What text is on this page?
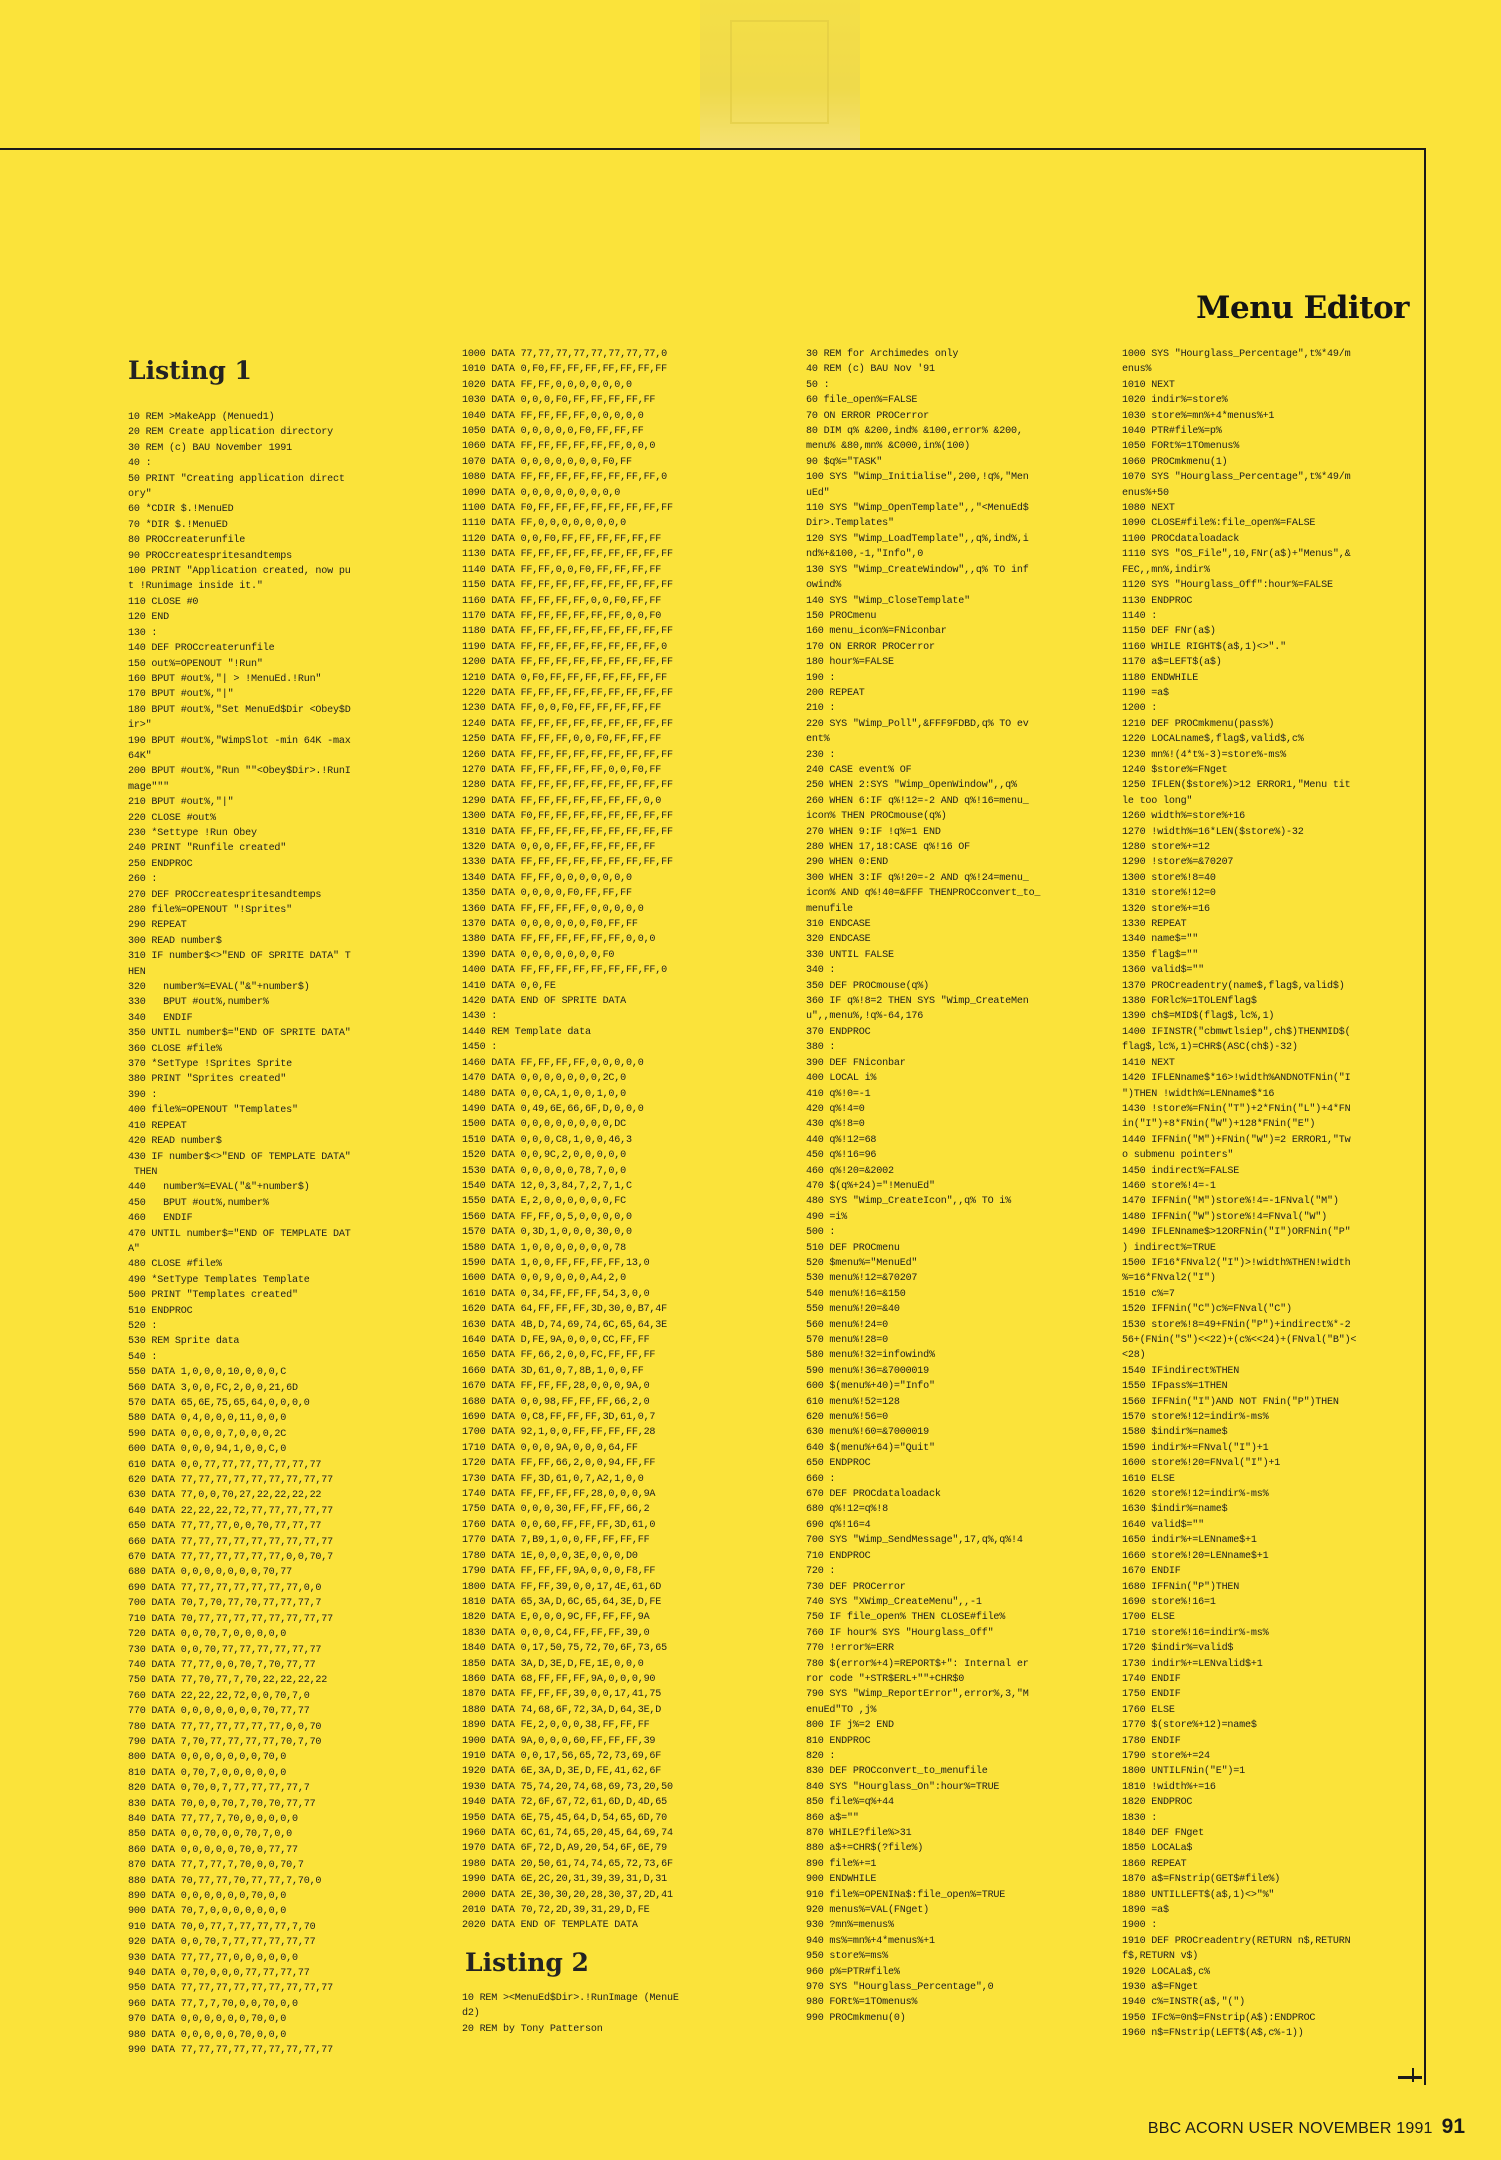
Menu Editor
Listing 1
10 REM >MakeApp (Menued1)
20 REM Create application directory
30 REM (c) BAU November 1991
40 :
50 PRINT "Creating application direct
ory"
60 *CDIR $.!MenuED
70 *DIR $.!MenuED
80 PROCcreaterunfile
90 PROCcreatespritesandtemps
100 PRINT "Application created, now pu
t !Runimage inside it."
110 CLOSE #0
120 END
130 :
140 DEF PROCcreaterunfile
150 out%=OPENOUT "!Run"
160 BPUT #out%,"| > !MenuEd.!Run"
170 BPUT #out%,"|"
180 BPUT #out%,"Set MenuEd$Dir <Obey$D
ir>"
190 BPUT #out%,"WimpSlot -min 64K -max
64K"
200 BPUT #out%,"Run ""<Obey$Dir>.!RunI
mage"""
210 BPUT #out%,"|"
220 CLOSE #out%
230 *Settype !Run Obey
240 PRINT "Runfile created"
250 ENDPROC
260 :
270 DEF PROCcreatespritesandtemps
280 file%=OPENOUT "!Sprites"
290 REPEAT
300 READ number$
310 IF number$<>"END OF SPRITE DATA" T
HEN
320   number%=EVAL("&"+number$)
330   BPUT #out%,number%
340   ENDIF
350 UNTIL number$="END OF SPRITE DATA"
360 CLOSE #file%
370 *SetType !Sprites Sprite
380 PRINT "Sprites created"
390 :
400 file%=OPENOUT "Templates"
410 REPEAT
420 READ number$
430 IF number$<>"END OF TEMPLATE DATA"
THEN
440   number%=EVAL("&"+number$)
450   BPUT #out%,number%
460   ENDIF
470 UNTIL number$="END OF TEMPLATE DAT
A"
480 CLOSE #file%
490 *SetType Templates Template
500 PRINT "Templates created"
510 ENDPROC
520 :
530 REM Sprite data
540 :
550 DATA 1,0,0,0,10,0,0,0,C
560 DATA 3,0,0,FC,2,0,0,21,6D
570 DATA 65,6E,75,65,64,0,0,0,0
580 DATA 0,4,0,0,0,11,0,0,0
590 DATA 0,0,0,0,7,0,0,0,2C
600 DATA 0,0,0,94,1,0,0,C,0
610 DATA 0,0,77,77,77,77,77,77,77
620 DATA 77,77,77,77,77,77,77,77,77
630 DATA 77,0,0,70,27,22,22,22,22
640 DATA 22,22,22,72,77,77,77,77,77
650 DATA 77,77,77,0,0,70,77,77,77
660 DATA 77,77,77,77,77,77,77,77,77
670 DATA 77,77,77,77,77,77,0,0,70,7
680 DATA 0,0,0,0,0,0,0,70,77
690 DATA 77,77,77,77,77,77,77,0,0
700 DATA 70,7,70,77,70,77,77,77,7
710 DATA 70,77,77,77,77,77,77,77,77
720 DATA 0,0,70,7,0,0,0,0,0
730 DATA 0,0,70,77,77,77,77,77,77
740 DATA 77,77,0,0,70,7,70,77,77
750 DATA 77,70,77,7,70,22,22,22,22
760 DATA 22,22,22,72,0,0,70,7,0
770 DATA 0,0,0,0,0,0,0,70,77,77
780 DATA 77,77,77,77,77,77,0,0,70
790 DATA 7,70,77,77,77,77,70,7,70
800 DATA 0,0,0,0,0,0,0,70,0
810 DATA 0,70,7,0,0,0,0,0,0
820 DATA 0,70,0,7,77,77,77,77,7
830 DATA 70,0,0,70,7,70,70,77,77
840 DATA 77,77,7,70,0,0,0,0,0
850 DATA 0,0,70,0,0,70,7,0,0
860 DATA 0,0,0,0,0,70,0,77,77
870 DATA 77,7,77,7,70,0,0,70,7
880 DATA 70,77,77,70,77,77,7,70,0
890 DATA 0,0,0,0,0,0,70,0,0
900 DATA 70,7,0,0,0,0,0,0,0
910 DATA 70,0,77,7,77,77,77,7,70
920 DATA 0,0,70,7,77,77,77,77,77
930 DATA 77,77,77,0,0,0,0,0,0
940 DATA 0,70,0,0,0,77,77,77,77
950 DATA 77,77,77,77,77,77,77,77,77
960 DATA 77,7,7,70,0,0,70,0,0
970 DATA 0,0,0,0,0,0,70,0,0
980 DATA 0,0,0,0,0,70,0,0,0
990 DATA 77,77,77,77,77,77,77,77,77
1000 DATA 77,77,77,77,77,77,77,77,0
1010 DATA 0,F0,FF,FF,FF,FF,FF,FF,FF
1020 DATA FF,FF,0,0,0,0,0,0,0
1030 DATA 0,0,0,F0,FF,FF,FF,FF,FF
1040 DATA FF,FF,FF,FF,0,0,0,0,0
1050 DATA 0,0,0,0,0,F0,FF,FF,FF
1060 DATA FF,FF,FF,FF,FF,FF,0,0,0
1070 DATA 0,0,0,0,0,0,0,F0,FF
1080 DATA FF,FF,FF,FF,FF,FF,FF,FF,0
1090 DATA 0,0,0,0,0,0,0,0,0
1100 DATA F0,FF,FF,FF,FF,FF,FF,FF,FF
1110 DATA FF,0,0,0,0,0,0,0,0
1120 DATA 0,0,F0,FF,FF,FF,FF,FF,FF
1130 DATA FF,FF,FF,FF,FF,FF,FF,FF,FF
1140 DATA FF,FF,0,0,F0,FF,FF,FF,FF
1150 DATA FF,FF,FF,FF,FF,FF,FF,FF,FF
1160 DATA FF,FF,FF,FF,0,0,F0,FF,FF
1170 DATA FF,FF,FF,FF,FF,FF,0,0,F0
1180 DATA FF,FF,FF,FF,FF,FF,FF,FF,FF
1190 DATA FF,FF,FF,FF,FF,FF,FF,FF,0
1200 DATA FF,FF,FF,FF,FF,FF,FF,FF,FF
1210 DATA 0,F0,FF,FF,FF,FF,FF,FF,FF
1220 DATA FF,FF,FF,FF,FF,FF,FF,FF,FF
1230 DATA FF,0,0,F0,FF,FF,FF,FF,FF
1240 DATA FF,FF,FF,FF,FF,FF,FF,FF,FF
1250 DATA FF,FF,FF,0,0,F0,FF,FF,FF
1260 DATA FF,FF,FF,FF,FF,FF,FF,FF,FF
1270 DATA FF,FF,FF,FF,FF,0,0,F0,FF
1280 DATA FF,FF,FF,FF,FF,FF,FF,FF,FF
1290 DATA FF,FF,FF,FF,FF,FF,FF,0,0
1300 DATA F0,FF,FF,FF,FF,FF,FF,FF,FF
1310 DATA FF,FF,FF,FF,FF,FF,FF,FF,FF
1320 DATA 0,0,0,FF,FF,FF,FF,FF,FF
1330 DATA FF,FF,FF,FF,FF,FF,FF,FF,FF
1340 DATA FF,FF,0,0,0,0,0,0,0
1350 DATA 0,0,0,0,F0,FF,FF,FF
1360 DATA FF,FF,FF,FF,0,0,0,0,0
1370 DATA 0,0,0,0,0,0,F0,FF,FF
1380 DATA FF,FF,FF,FF,FF,FF,0,0,0
1390 DATA 0,0,0,0,0,0,0,F0
1400 DATA FF,FF,FF,FF,FF,FF,FF,FF,0
1410 DATA 0,0,FE
1420 DATA END OF SPRITE DATA
1430 :
1440 REM Template data
1450 :
1460 DATA FF,FF,FF,FF,0,0,0,0,0
1470 DATA 0,0,0,0,0,0,0,2C,0
1480 DATA 0,0,CA,1,0,0,1,0,0
1490 DATA 0,49,6E,66,6F,D,0,0,0
1500 DATA 0,0,0,0,0,0,0,0,DC
1510 DATA 0,0,0,C8,1,0,0,46,3
1520 DATA 0,0,9C,2,0,0,0,0,0
1530 DATA 0,0,0,0,0,78,7,0,0
1540 DATA 12,0,3,84,7,2,7,1,C
1550 DATA E,2,0,0,0,0,0,0,FC
1560 DATA FF,FF,0,5,0,0,0,0,0
1570 DATA 0,3D,1,0,0,0,30,0,0
1580 DATA 1,0,0,0,0,0,0,0,78
1590 DATA 1,0,0,FF,FF,FF,FF,13,0
1600 DATA 0,0,9,0,0,0,A4,2,0
1610 DATA 0,34,FF,FF,FF,54,3,0,0
1620 DATA 64,FF,FF,FF,3D,30,0,B7,4F
1630 DATA 4B,D,74,69,74,6C,65,64,3E
1640 DATA D,FE,9A,0,0,0,CC,FF,FF
1650 DATA FF,66,2,0,0,FC,FF,FF,FF
1660 DATA 3D,61,0,7,8B,1,0,0,FF
1670 DATA FF,FF,FF,28,0,0,0,9A,0
1680 DATA 0,0,98,FF,FF,FF,66,2,0
1690 DATA 0,C8,FF,FF,FF,3D,61,0,7
1700 DATA 92,1,0,0,FF,FF,FF,FF,28
1710 DATA 0,0,0,9A,0,0,0,64,FF
1720 DATA FF,FF,66,2,0,0,94,FF,FF
1730 DATA FF,3D,61,0,7,A2,1,0,0
1740 DATA FF,FF,FF,FF,28,0,0,0,9A
1750 DATA 0,0,0,30,FF,FF,FF,66,2
1760 DATA 0,0,60,FF,FF,FF,3D,61,0
1770 DATA 7,B9,1,0,0,FF,FF,FF,FF
1780 DATA 1E,0,0,0,3E,0,0,0,D0
1790 DATA FF,FF,FF,9A,0,0,0,F8,FF
1800 DATA FF,FF,39,0,0,17,4E,61,6D
1810 DATA 65,3A,D,6C,65,64,3E,D,FE
1820 DATA E,0,0,0,9C,FF,FF,FF,9A
1830 DATA 0,0,0,C4,FF,FF,FF,39,0
1840 DATA 0,17,50,75,72,70,6F,73,65
1850 DATA 3A,D,3E,D,FE,1E,0,0,0
1860 DATA 68,FF,FF,FF,9A,0,0,0,90
1870 DATA FF,FF,FF,39,0,0,17,41,75
1880 DATA 74,68,6F,72,3A,D,64,3E,D
1890 DATA FE,2,0,0,0,38,FF,FF,FF
1900 DATA 9A,0,0,0,60,FF,FF,FF,39
1910 DATA 0,0,17,56,65,72,73,69,6F
1920 DATA 6E,3A,D,3E,D,FE,41,62,6F
1930 DATA 75,74,20,74,68,69,73,20,50
1940 DATA 72,6F,67,72,61,6D,D,4D,65
1950 DATA 6E,75,45,64,D,54,65,6D,70
1960 DATA 6C,61,74,65,20,45,64,69,74
1970 DATA 6F,72,D,A9,20,54,6F,6E,79
1980 DATA 20,50,61,74,74,65,72,73,6F
1990 DATA 6E,2C,20,31,39,39,31,D,31
2000 DATA 2E,30,30,20,28,30,37,2D,41
2010 DATA 70,72,2D,39,31,29,D,FE
2020 DATA END OF TEMPLATE DATA
Listing 2
10 REM ><MenuEd$Dir>.!RunImage (MenuE
d2)
20 REM by Tony Patterson
30 REM for Archimedes only
40 REM (c) BAU Nov '91
50 :
60 file_open%=FALSE
70 ON ERROR PROCerror
80 DIM q% &200,ind% &100,error% &200,
menu% &80,mn% &C000,in%(100)
90 $q%="TASK"
100 SYS "Wimp_Initialise",200,!q%,"Men
uEd"
110 SYS "Wimp_OpenTemplate",,"<MenuEd$
Dir>.Templates"
120 SYS "Wimp_LoadTemplate",,q%,ind%,i
nd%+&100,-1,"Info",0
130 SYS "Wimp_CreateWindow",,q% TO inf
owind%
140 SYS "Wimp_CloseTemplate"
150 PROCmenu
160 menu_icon%=FNiconbar
170 ON ERROR PROCerror
180 hour%=FALSE
190 :
200 REPEAT
210 :
220 SYS "Wimp_Poll",&FFF9FDBD,q% TO ev
ent%
230 :
240 CASE event% OF
250 WHEN 2:SYS "Wimp_OpenWindow",,q%
260 WHEN 6:IF q%!12=-2 AND q%!16=menu_
icon% THEN PROCmouse(q%)
270 WHEN 9:IF !q%=1 END
280 WHEN 17,18:CASE q%!16 OF
290 WHEN 0:END
300 WHEN 3:IF q%!20=-2 AND q%!24=menu_
icon% AND q%!40=&FFF THENPROCconvert_to_
menufile
310 ENDCASE
320 ENDCASE
330 UNTIL FALSE
340 :
350 DEF PROCmouse(q%)
360 IF q%!8=2 THEN SYS "Wimp_CreateMen
u",,menu%,!q%-64,176
370 ENDPROC
380 :
390 DEF FNiconbar
400 LOCAL i%
410 q%!0=-1
420 q%!4=0
430 q%!8=0
440 q%!12=68
450 q%!16=96
460 q%!20=&2002
470 $(q%+24)="!MenuEd"
480 SYS "Wimp_CreateIcon",,q% TO i%
490 =i%
500 :
510 DEF PROCmenu
520 $menu%="MenuEd"
530 menu%!12=&70207
540 menu%!16=&150
550 menu%!20=&40
560 menu%!24=0
570 menu%!28=0
580 menu%!32=infowind%
590 menu%!36=&7000019
600 $(menu%+40)="Info"
610 menu%!52=128
620 menu%!56=0
630 menu%!60=&7000019
640 $(menu%+64)="Quit"
650 ENDPROC
660 :
670 DEF PROCdataloadack
680 q%!12=q%!8
690 q%!16=4
700 SYS "Wimp_SendMessage",17,q%,q%!4
710 ENDPROC
720 :
730 DEF PROCerror
740 SYS "XWimp_CreateMenu",,-1
750 IF file_open% THEN CLOSE#file%
760 IF hour% SYS "Hourglass_Off"
770 !error%=ERR
780 $(error%+4)=REPORT$+": Internal er
ror code "+STR$ERL+""+CHR$0
790 SYS "Wimp_ReportError",error%,3,"M
enuEd"TO ,j%
800 IF j%=2 END
810 ENDPROC
820 :
830 DEF PROCconvert_to_menufile
840 SYS "Hourglass_On":hour%=TRUE
850 file%=q%+44
860 a$=""
870 WHILE?file%>31
880 a$+=CHR$(?file%)
890 file%+=1
900 ENDWHILE
910 file%=OPENINa$:file_open%=TRUE
920 menus%=VAL(FNget)
930 ?mn%=menus%
940 ms%=mn%+4*menus%+1
950 store%=ms%
960 p%=PTR#file%
970 SYS "Hourglass_Percentage",0
980 FORt%=1TOmenus%
990 PROCmkmenu(0)
1000 SYS "Hourglass_Percentage",t%*49/m
enus%
1010 NEXT
1020 indir%=store%
1030 store%=mn%+4*menus%+1
1040 PTR#file%=p%
1050 FORt%=1TOmenus%
1060 PROCmkmenu(1)
1070 SYS "Hourglass_Percentage",t%*49/m
enus%+50
1080 NEXT
1090 CLOSE#file%:file_open%=FALSE
1100 PROCdataloadack
1110 SYS "OS_File",10,FNr(a$)+"Menus",&
FEC,,mn%,indir%
1120 SYS "Hourglass_Off":hour%=FALSE
1130 ENDPROC
1140 :
1150 DEF FNr(a$)
1160 WHILE RIGHT$(a$,1)<>"."
1170 a$=LEFT$(a$)
1180 ENDWHILE
1190 =a$
1200 :
1210 DEF PROCmkmenu(pass%)
1220 LOCALname$,flag$,valid$,c%
1230 mn%!(4*t%-3)=store%-ms%
1240 $store%=FNget
1250 IFLEN($store%)>12 ERROR1,"Menu tit
le too long"
1260 width%=store%+16
1270 !width%=16*LEN($store%)-32
1280 store%+=12
1290 !store%=&70207
1300 store%!8=40
1310 store%!12=0
1320 store%+=16
1330 REPEAT
1340 name$=""
1350 flag$=""
1360 valid$=""
1370 PROCreadentry(name$,flag$,valid$)
1380 FORlc%=1TOLENflag$
1390 ch$=MID$(flag$,lc%,1)
1400 IFINSTR("cbmwtlsiep",ch$)THENMID$(
flag$,lc%,1)=CHR$(ASC(ch$)-32)
1410 NEXT
1420 IFLENname$*16>!width%ANDNOTFNin("I
")THEN !width%=LENname$*16
1430 !store%=FNin("T")+2*FNin("L")+4*FN
in("I")+8*FNin("W")+128*FNin("E")
1440 IFFNin("M")+FNin("W")=2 ERROR1,"Tw
o submenu pointers"
1450 indirect%=FALSE
1460 store%!4=-1
1470 IFFNin("M")store%!4=-1FNval("M")
1480 IFFNin("W")store%!4=FNval("W")
1490 IFLENname$>12ORFNin("I")ORFNin("P"
) indirect%=TRUE
1500 IF16*FNval2("I")>!width%THEN!width
%=16*FNval2("I")
1510 c%=7
1520 IFFNin("C")c%=FNval("C")
1530 store%!8=49+FNin("P")+indirect%*-2
56+(FNin("S")<<22)+(c%<<24)+(FNval("B")<
<28)
1540 IFindirect%THEN
1550 IFpass%=1THEN
1560 IFFNin("I")AND NOT FNin("P")THEN
1570 store%!12=indir%-ms%
1580 $indir%=name$
1590 indir%+=FNval("I")+1
1600 store%!20=FNval("I")+1
1610 ELSE
1620 store%!12=indir%-ms%
1630 $indir%=name$
1640 valid$=""
1650 indir%+=LENname$+1
1660 store%!20=LENname$+1
1670 ENDIF
1680 IFFNin("P")THEN
1690 store%!16=1
1700 ELSE
1710 store%!16=indir%-ms%
1720 $indir%=valid$
1730 indir%+=LENvalid$+1
1740 ENDIF
1750 ENDIF
1760 ELSE
1770 $(store%+12)=name$
1780 ENDIF
1790 store%+=24
1800 UNTILFNin("E")=1
1810 !width%+=16
1820 ENDPROC
1830 :
1840 DEF FNget
1850 LOCALa$
1860 REPEAT
1870 a$=FNstrip(GET$#file%)
1880 UNTILLEFT$(a$,1)<>"%"
1890 =a$
1900 :
1910 DEF PROCreadentry(RETURN n$,RETURN
f$,RETURN v$)
1920 LOCALa$,c%
1930 a$=FNget
1940 c%=INSTR(a$,"(")
1950 IFc%=0n$=FNstrip(A$):ENDPROC
1960 n$=FNstrip(LEFT$(A$,c%-1))
BBC ACORN USER NOVEMBER 1991 91
